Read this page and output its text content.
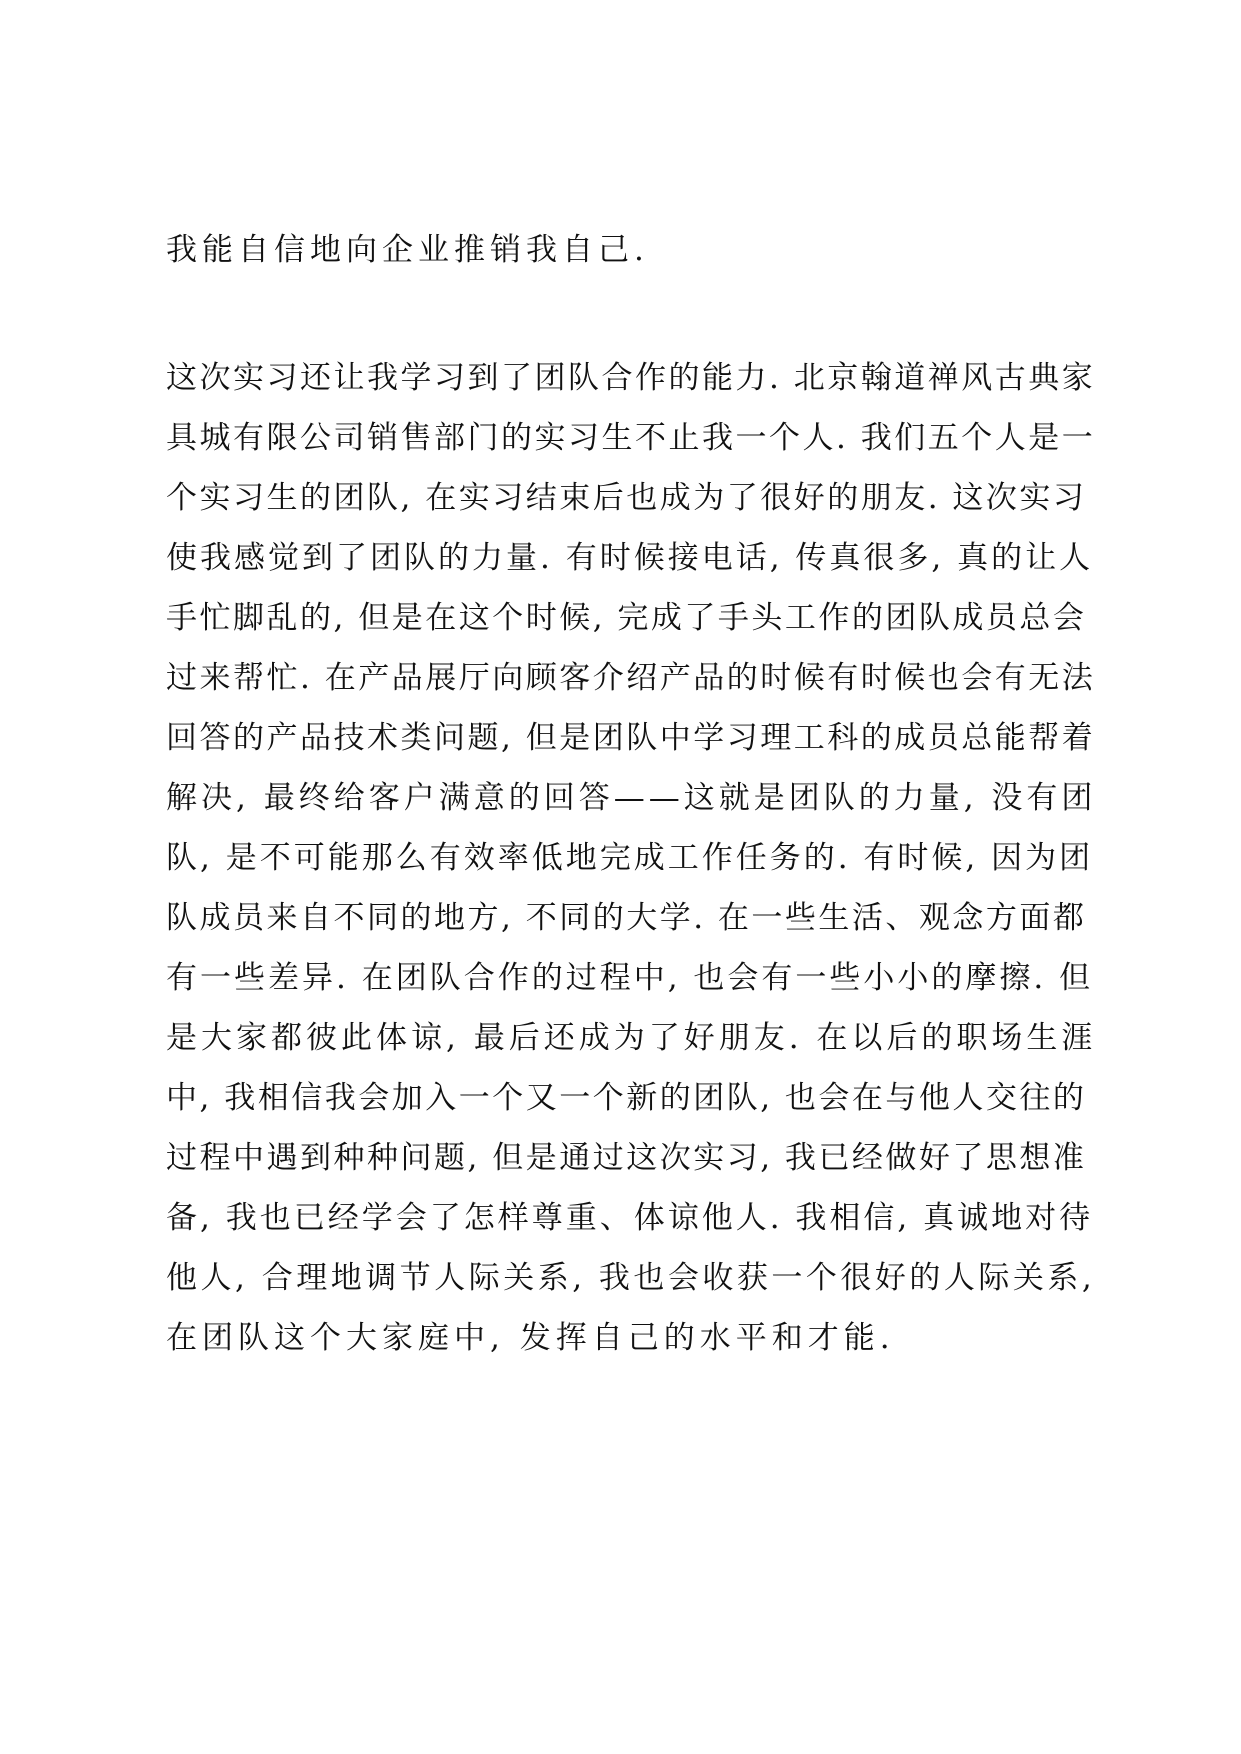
我能自信地向企业推销我自己.

这次实习还让我学习到了团队合作的能力. 北京翰道禅风古典家

具城有限公司销售部门的实习生不止我一个人. 我们五个人是一

个实习生的团队, 在实习结束后也成为了很好的朋友. 这次实习

使我感觉到了团队的力量. 有时候接电话, 传真很多, 真的让人

手忙脚乱的, 但是在这个时候, 完成了手头工作的团队成员总会

过来帮忙. 在产品展厅向顾客介绍产品的时候有时候也会有无法

回答的产品技术类问题, 但是团队中学习理工科的成员总能帮着

解决, 最终给客户满意的回答——这就是团队的力量, 没有团

队, 是不可能那么有效率低地完成工作任务的. 有时候, 因为团

队成员来自不同的地方, 不同的大学. 在一些生活、观念方面都

有一些差异. 在团队合作的过程中, 也会有一些小小的摩擦. 但

是大家都彼此体谅, 最后还成为了好朋友. 在以后的职场生涯

中, 我相信我会加入一个又一个新的团队, 也会在与他人交往的

过程中遇到种种问题, 但是通过这次实习, 我已经做好了思想准

备, 我也已经学会了怎样尊重、体谅他人. 我相信, 真诚地对待

他人, 合理地调节人际关系, 我也会收获一个很好的人际关系,

在团队这个大家庭中, 发挥自己的水平和才能.
